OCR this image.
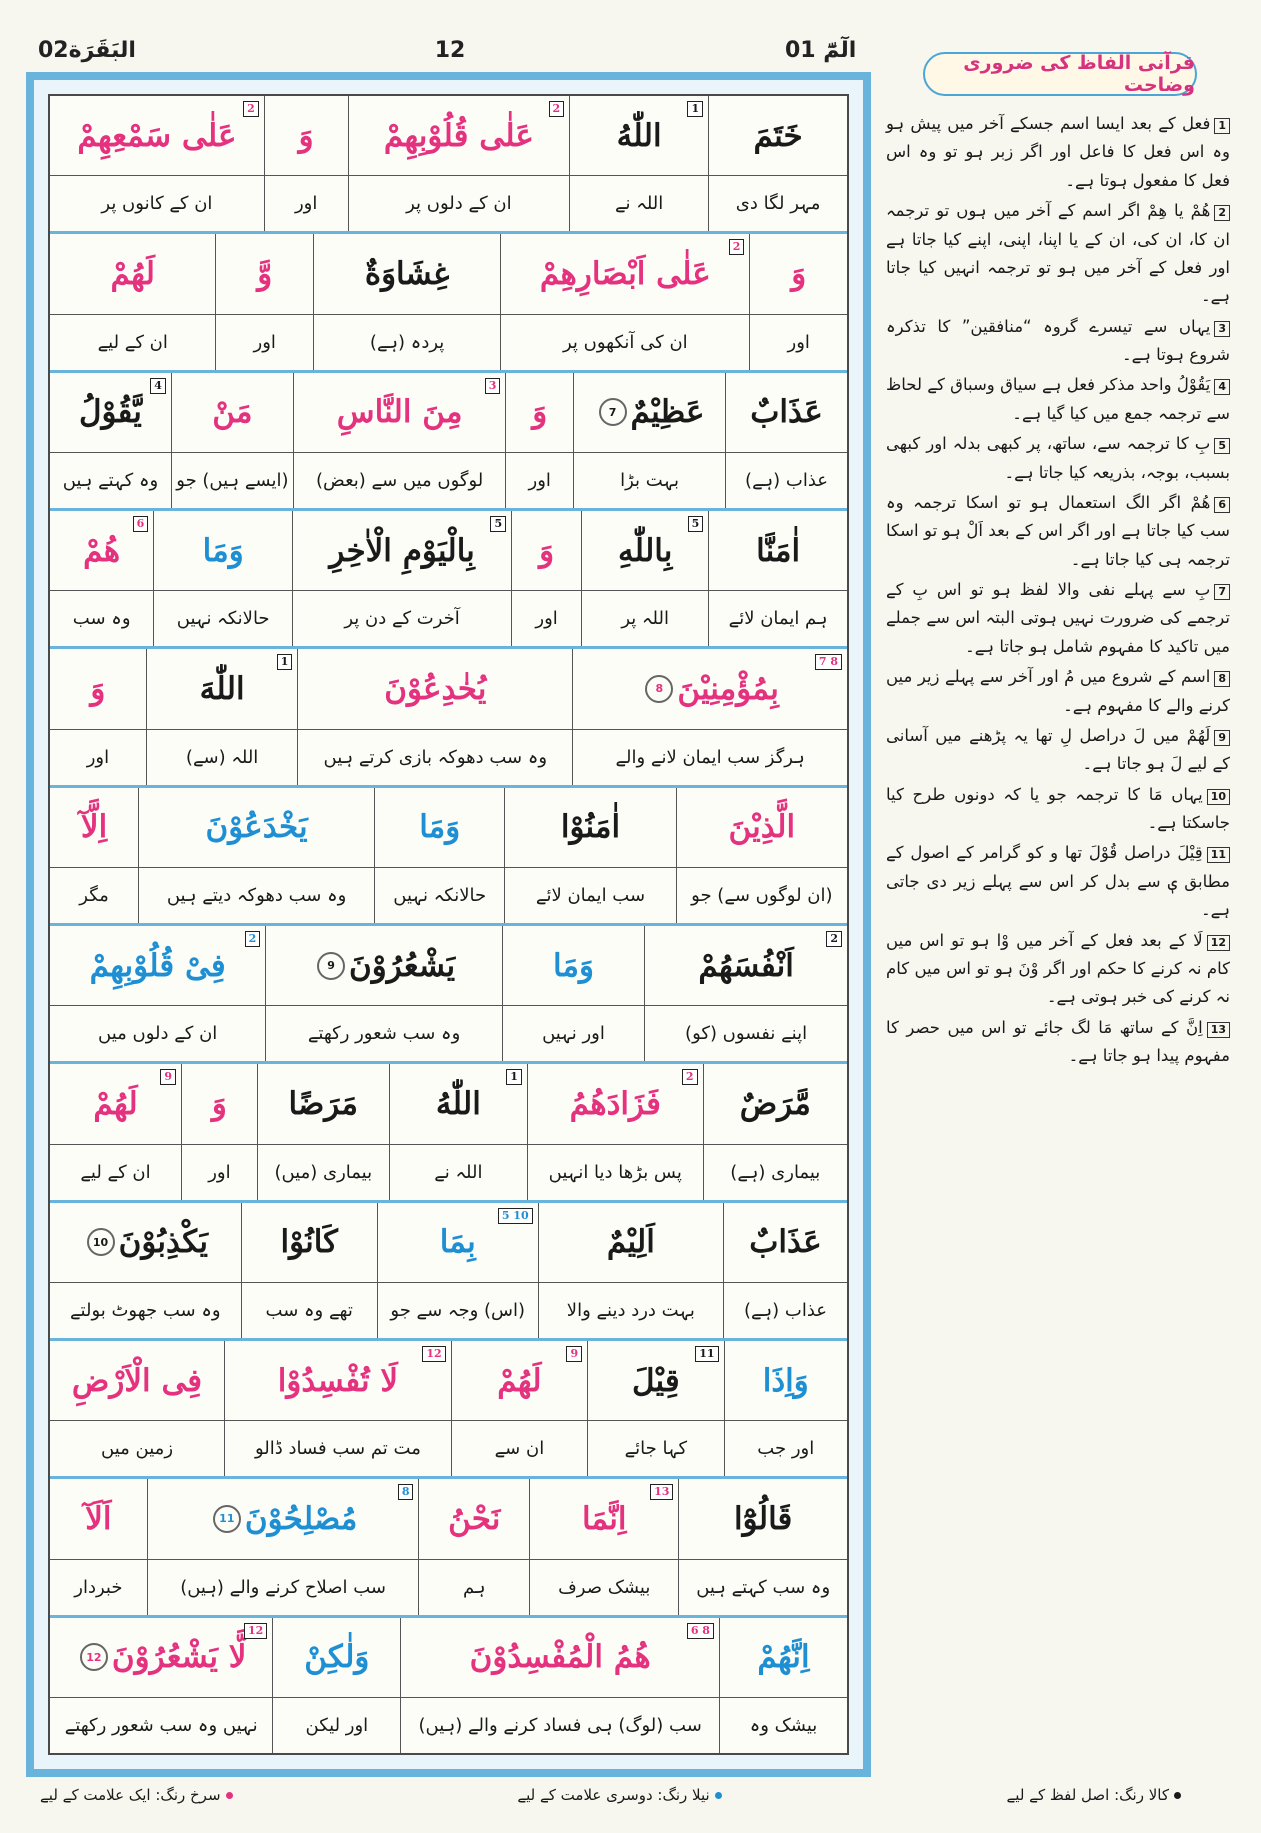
الٓمّٓ 01
12
البَقَرَة02
خَتَمَ
اللّٰهُ
1
عَلٰى قُلُوْبِهِمْ
2
وَ
عَلٰى سَمْعِهِمْ
2
مہر لگا دی
اللہ نے
ان کے دلوں پر
اور
ان کے کانوں پر
وَ
عَلٰى اَبْصَارِهِمْ
2
غِشَاوَةٌ
وَّ
لَهُمْ
اور
ان کی آنکھوں پر
پردہ (ہے)
اور
ان کے لیے
عَذَابٌ
عَظِیْمٌ
7
وَ
مِنَ النَّاسِ
3
مَنْ
یَّقُوْلُ
4
عذاب (ہے)
بہت بڑا
اور
لوگوں میں سے (بعض)
(ایسے ہیں) جو
وہ کہتے ہیں
اٰمَنَّا
بِاللّٰهِ
5
وَ
بِالْیَوْمِ الْاٰخِرِ
5
وَمَا
هُمْ
6
ہم ایمان لائے
اللہ پر
اور
آخرت کے دن پر
حالانکہ نہیں
وہ سب
بِمُؤْمِنِیْنَ
8
7 8
یُخٰدِعُوْنَ
اللّٰهَ
1
وَ
ہرگز سب ایمان لانے والے
وہ سب دھوکہ بازی کرتے ہیں
اللہ (سے)
اور
الَّذِیْنَ
اٰمَنُوْا
وَمَا
یَخْدَعُوْنَ
اِلَّآ
(ان لوگوں سے) جو
سب ایمان لائے
حالانکہ نہیں
وہ سب دھوکہ دیتے ہیں
مگر
اَنْفُسَهُمْ
2
وَمَا
یَشْعُرُوْنَ
9
فِیْ قُلُوْبِهِمْ
2
اپنے نفسوں (کو)
اور نہیں
وہ سب شعور رکھتے
ان کے دلوں میں
مَّرَضٌ
فَزَادَهُمُ
2
اللّٰهُ
1
مَرَضًا
وَ
لَهُمْ
9
بیماری (ہے)
پس بڑھا دیا انہیں
اللہ نے
بیماری (میں)
اور
ان کے لیے
عَذَابٌ
اَلِیْمٌ
بِمَا
5 10
كَانُوْا
یَكْذِبُوْنَ
10
عذاب (ہے)
بہت درد دینے والا
(اس) وجہ سے جو
تھے وہ سب
وہ سب جھوٹ بولتے
وَاِذَا
قِیْلَ
11
لَهُمْ
9
لَا تُفْسِدُوْا
12
فِی الْاَرْضِ
اور جب
کہا جائے
ان سے
مت تم سب فساد ڈالو
زمین میں
قَالُوْٓا
اِنَّمَا
13
نَحْنُ
مُصْلِحُوْنَ
11
8
اَلَآ
وہ سب کہتے ہیں
بیشک صرف
ہم
سب اصلاح کرنے والے (ہیں)
خبردار
اِنَّهُمْ
هُمُ الْمُفْسِدُوْنَ
6 8
وَلٰكِنْ
لَّا یَشْعُرُوْنَ
12
12
بیشک وہ
سب (لوگ) ہی فساد کرنے والے (ہیں)
اور لیکن
نہیں وہ سب شعور رکھتے
قرآنی الفاظ کی ضروری وضاحت
1فعل کے بعد ایسا اسم جسکے آخر میں پیش ہو وہ اس فعل کا فاعل اور اگر زبر ہو تو وہ اس فعل کا مفعول ہوتا ہے۔
2هُمْ یا هِمْ اگر اسم کے آخر میں ہوں تو ترجمہ ان کا، ان کی، ان کے یا اپنا، اپنی، اپنے کیا جاتا ہے اور فعل کے آخر میں ہو تو ترجمہ انہیں کیا جاتا ہے۔
3یہاں سے تیسرے گروہ “منافقین” کا تذکرہ شروع ہوتا ہے۔
4یَقُوْلُ واحد مذکر فعل ہے سیاق وسباق کے لحاظ سے ترجمہ جمع میں کیا گیا ہے۔
5بِ کا ترجمہ سے، ساتھ، پر کبھی بدلہ اور کبھی بسبب، بوجہ، بذریعہ کیا جاتا ہے۔
6هُمْ اگر الگ استعمال ہو تو اسکا ترجمہ وہ سب کیا جاتا ہے اور اگر اس کے بعد اَلْ ہو تو اسکا ترجمہ ہی کیا جاتا ہے۔
7بِ سے پہلے نفی والا لفظ ہو تو اس بِ کے ترجمے کی ضرورت نہیں ہوتی البتہ اس سے جملے میں تاکید کا مفہوم شامل ہو جاتا ہے۔
8اسم کے شروع میں مُ اور آخر سے پہلے زیر میں کرنے والے کا مفہوم ہے۔
9لَهُمْ میں لَ دراصل لِ تھا یہ پڑھنے میں آسانی کے لیے لَ ہو جاتا ہے۔
10یہاں مَا کا ترجمہ جو یا کہ دونوں طرح کیا جاسکتا ہے۔
11قِیْلَ دراصل قُوْلَ تھا و کو گرامر کے اصول کے مطابق یٖ سے بدل کر اس سے پہلے زیر دی جاتی ہے۔
12لَا کے بعد فعل کے آخر میں وْا ہو تو اس میں کام نہ کرنے کا حکم اور اگر وْنَ ہو تو اس میں کام نہ کرنے کی خبر ہوتی ہے۔
13اِنَّ کے ساتھ مَا لگ جائے تو اس میں حصر کا مفہوم پیدا ہو جاتا ہے۔
سرخ رنگ: ایک علامت کے لیے	نیلا رنگ: دوسری علامت کے لیے	کالا رنگ: اصل لفظ کے لیے
